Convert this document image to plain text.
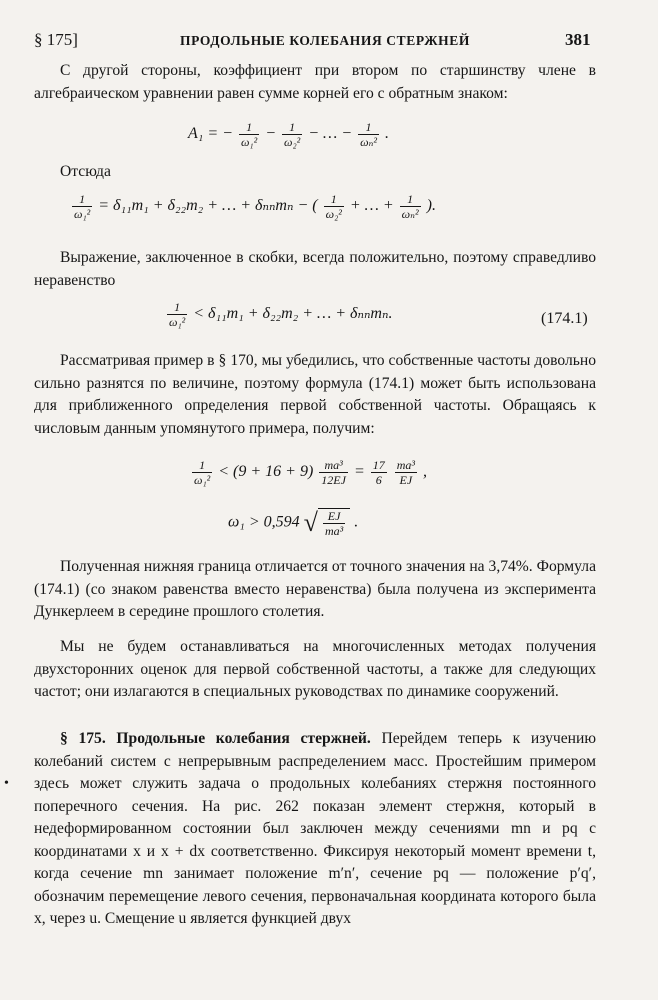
§ 175]	ПРОДОЛЬНЫЕ КОЛЕБАНИЯ СТЕРЖНЕЙ	381
С другой стороны, коэффициент при втором по старшинству члене в алгебраическом уравнении равен сумме корней его с обратным знаком:
A₁ = − $\frac{1}{\text{ω₁²}} - \frac{1}{\text{ω₂²}}$ − … − $\frac{1}{\text{ωₙ²}}$ .
Отсюда
$\frac{1}{\text{ω₁²}} = \delta_{11}m_1 + \delta_{22}m_2$ + … + δₙₙmₙ − ( $\frac{1}{\text{ω₂²}}$ + … + $\frac{1}{\text{ωₙ²}}$ ).
Выражение, заключенное в скобки, всегда положительно, поэтому справедливо неравенство
$\frac{1}{\text{ω₁²}} < \delta_{11}m_1 + \delta_{22}m_2$ + … + δₙₙmₙ.	(174.1)
Рассматривая пример в § 170, мы убедились, что собственные частоты довольно сильно разнятся по величине, поэтому формула (174.1) может быть использована для приближенного определения первой собственной частоты. Обращаясь к числовым данным упомянутого примера, получим:
$\frac{1}{\text{ω₁²}} < (9 + 16 + 9) \frac{\text{ma³}}{12EJ} = \frac{17}{6}$
$\frac{\text{ma³}}{EJ}$ ,
ω₁ > 0,594 √ $\frac{EJ}{\text{ma³}}$ .
Полученная нижняя граница отличается от точного значения на 3,74%. Формула (174.1) (со знаком равенства вместо неравенства) была получена из эксперимента Дункерлеем в середине прошлого столетия.
Мы не будем останавливаться на многочисленных методах получения двухсторонних оценок для первой собственной частоты, а также для следующих частот; они излагаются в специальных руководствах по динамике сооружений.
§ 175. Продольные колебания стержней. Перейдем теперь к изучению колебаний систем с непрерывным распределением масс. Простейшим примером здесь может служить задача о продольных колебаниях стержня постоянного поперечного сечения. На рис. 262 показан элемент стержня, который в недеформированном состоянии был заключен между сечениями mn и pq с координатами x и x + dx соответственно. Фиксируя некоторый момент времени t, когда сечение mn занимает положение m′n′, сечение pq — положение p′q′, обозначим перемещение левого сечения, первоначальная координата которого была x, через u. Смещение u является функцией двух
•
